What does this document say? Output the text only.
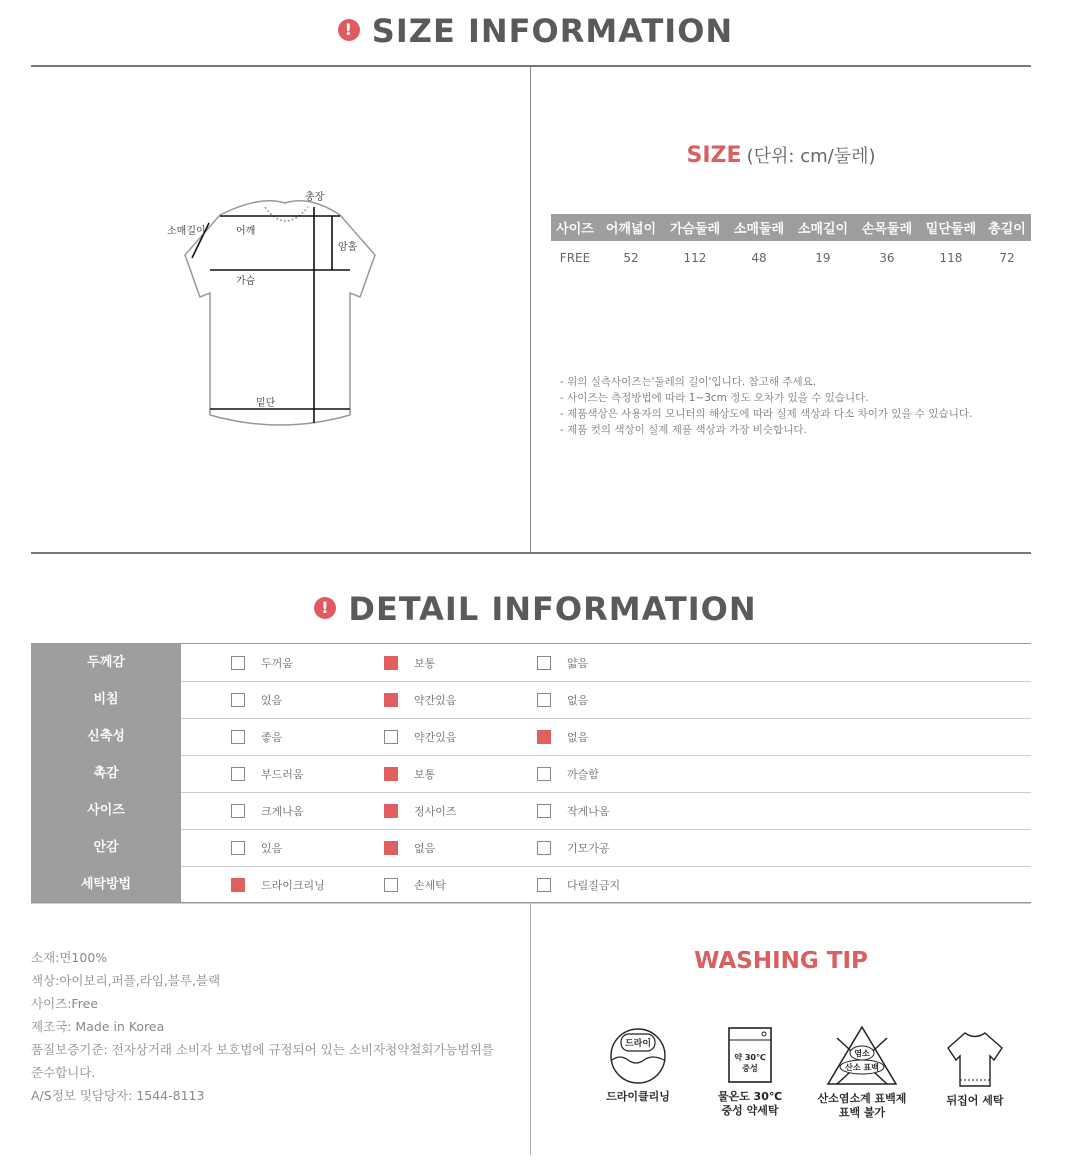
! SIZE INFORMATION
총장
소매길이	어깨
암홀
가슴
밑단
SIZE (단위: cm/둘레)
사이즈	어깨넓이	가슴둘레	소매둘레	소매길이	손목둘레	밑단둘레	총길이
FREE	52	112	48	19	36	118	72
- 위의 실측사이즈는'둘레의 길이'입니다. 참고해 주세요.
- 사이즈는 측정방법에 따라 1~3cm 정도 오차가 있을 수 있습니다.
- 제품색상은 사용자의 모니터의 해상도에 따라 실제 색상과 다소 차이가 있을 수 있습니다.
- 제품 컷의 색상이 실제 제품 색상과 가장 비슷합니다.
! DETAIL INFORMATION
두께감	두꺼움	보통	얇음
비침	있음	약간있음	없음
신축성	좋음	약간있음	없음
촉감	부드러움	보통	까슬함
사이즈	크게나옴	정사이즈	작게나옴
안감	있음	없음	기모가공
세탁방법	드라이크리닝	손세탁	다림질금지
소재:면100%
색상:아이보리,퍼플,라임,블루,블랙
사이즈:Free
제조국: Made in Korea
품질보증기준: 전자상거래 소비자 보호법에 규정되어 있는 소비자청약철회가능범위를
준수합니다.
A/S정보 및담당자: 1544-8113
WASHING TIP
드라이
드라이클리닝
약 30℃
중성
물온도 30℃
중성 약세탁
염소
산소 표백
산소염소계 표백제
표백 불가
뒤집어 세탁
